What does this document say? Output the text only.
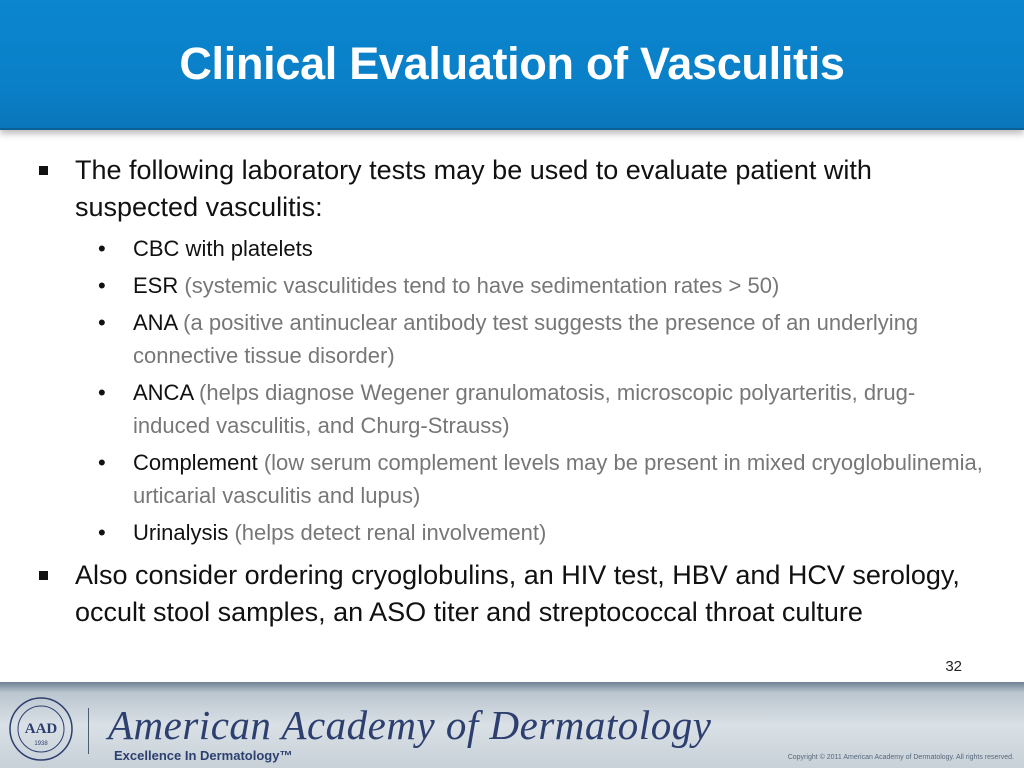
Clinical Evaluation of Vasculitis
The following laboratory tests may be used to evaluate patient with suspected vasculitis:
• CBC with platelets
• ESR (systemic vasculitides tend to have sedimentation rates > 50)
• ANA (a positive antinuclear antibody test suggests the presence of an underlying connective tissue disorder)
• ANCA (helps diagnose Wegener granulomatosis, microscopic polyarteritis, drug-induced vasculitis, and Churg-Strauss)
• Complement (low serum complement levels may be present in mixed cryoglobulinemia, urticarial vasculitis and lupus)
• Urinalysis (helps detect renal involvement)
Also consider ordering cryoglobulins, an HIV test, HBV and HCV serology, occult stool samples, an ASO titer and streptococcal throat culture
32
AAD
1938 American Academy of Dermatology
Excellence In Dermatology™	Copyright © 2011 American Academy of Dermatology. All rights reserved.
